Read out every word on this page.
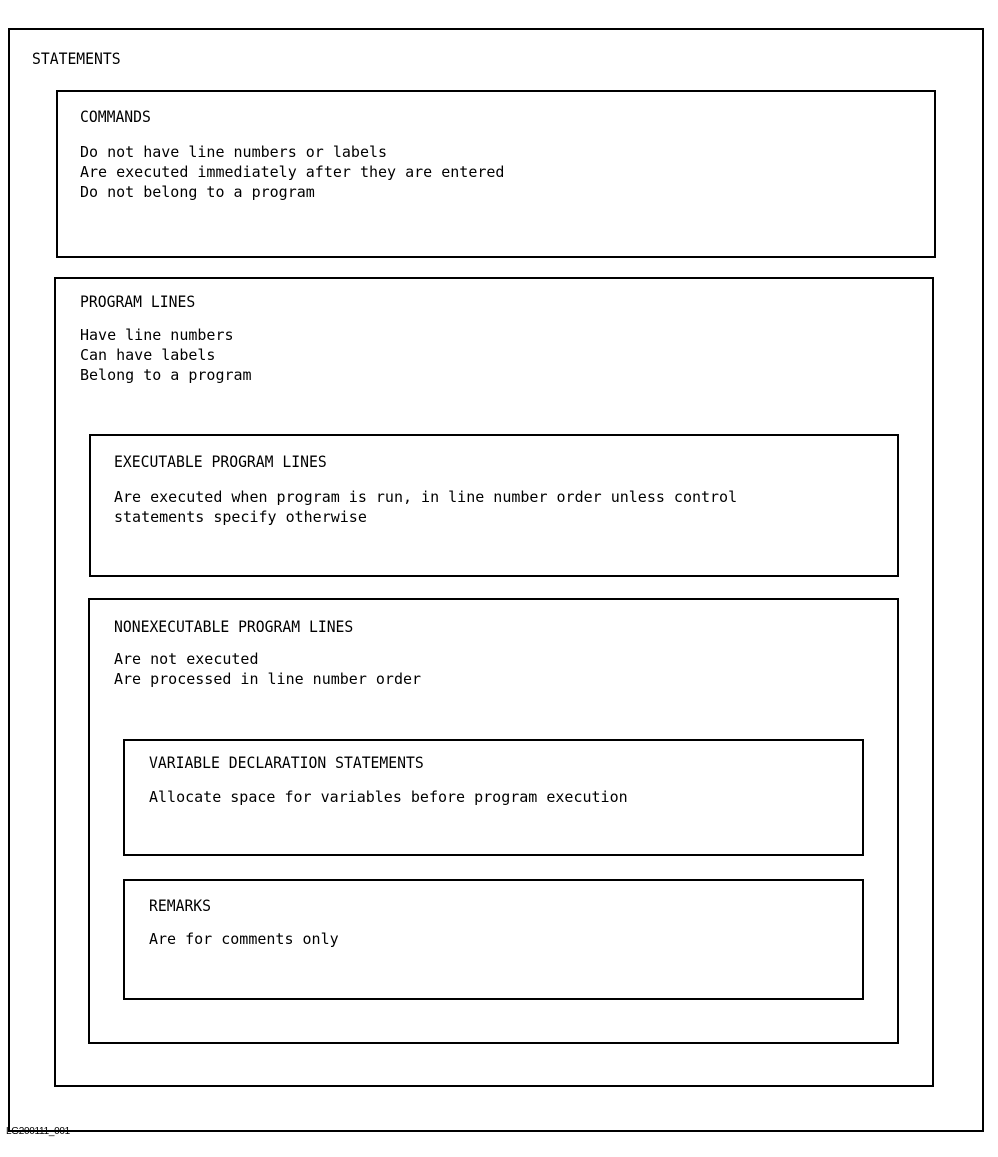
STATEMENTS
COMMANDS
Do not have line numbers or labels
Are executed immediately after they are entered
Do not belong to a program
PROGRAM LINES
Have line numbers
Can have labels
Belong to a program
EXECUTABLE PROGRAM LINES
Are executed when program is run, in line number order unless control
statements specify otherwise
NONEXECUTABLE PROGRAM LINES
Are not executed
Are processed in line number order
VARIABLE DECLARATION STATEMENTS
Allocate space for variables before program execution
REMARKS
Are for comments only
LG200111_001
